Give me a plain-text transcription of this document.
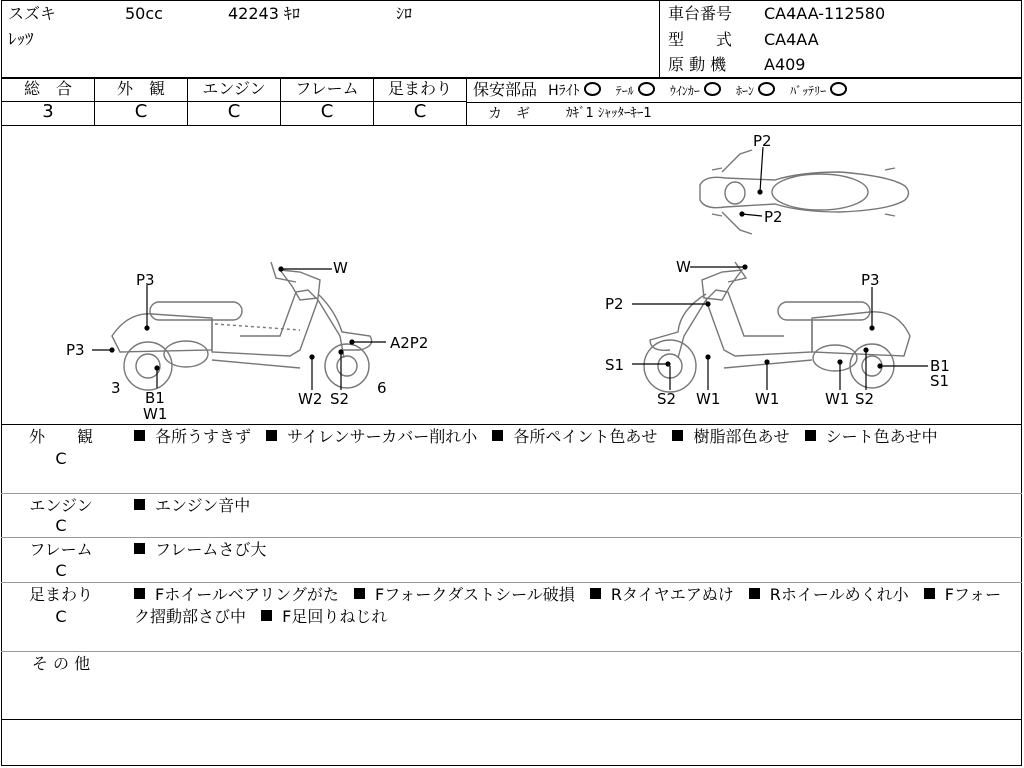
スズキ	50cc	42243 ｷﾛ	ｼﾛ
ﾚｯﾂ
車台番号 CA4AA-112580
型　　式 CA4AA
原 動 機 A409
総　合
3
外　観
C
エンジン
C
フレーム
C
足まわり
C
保安部品 Hﾗｲﾄ	ﾃｰﾙ	ｳｲﾝｶｰ	ﾎｰﾝ	ﾊﾞｯﾃﾘｰ
カ　ギ	ｶｷﾞ1 ｼｬｯﾀｰｷｰ1
P2
P2
P3
P3
3
W
A2P2
B1
W1
W2 S2
6
W
P2
P3
S1
S2 W1 W1	W1 S2
B1
S1
外　　観
C
各所うすきず サイレンサーカバー削れ小 各所ペイント色あせ 樹脂部色あせ シート色あせ中
エンジン
C
エンジン音中
フレーム
C
フレームさび大
足まわり
C
Fホイールベアリングがた Fフォークダストシール破損 Rタイヤエアぬけ Rホイールめくれ小 Fフォーク摺動部さび中 F足回りねじれ
そ の 他
